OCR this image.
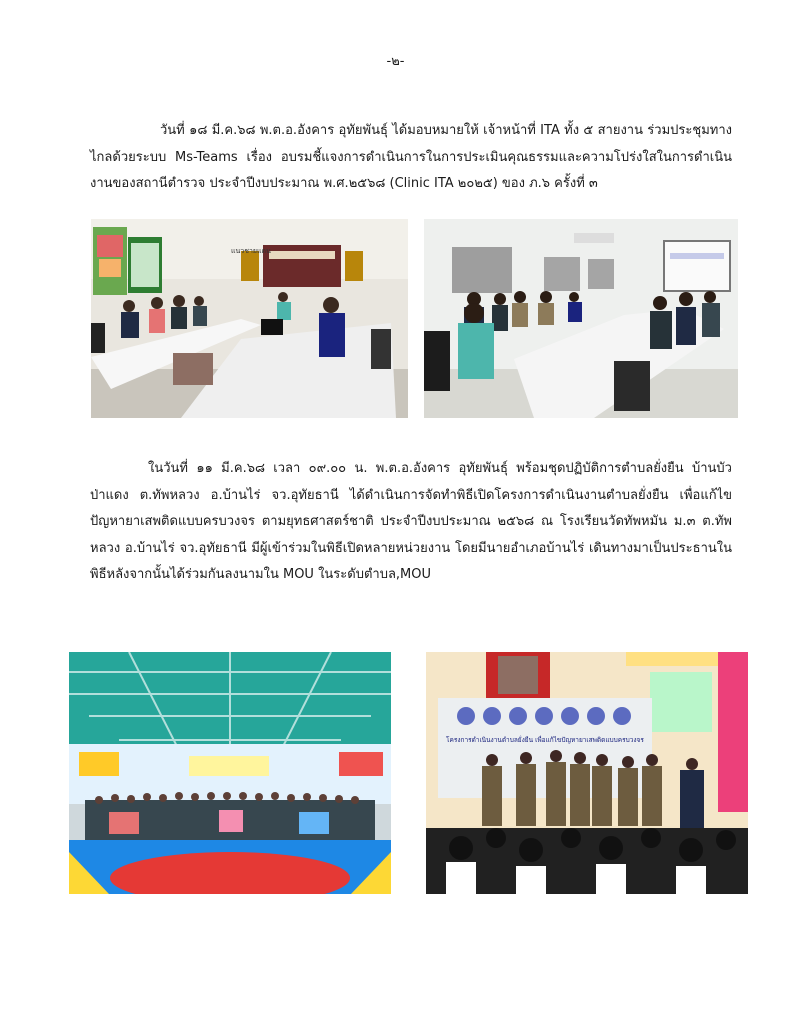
-๒-

วันที่ ๑๘ มี.ค.๖๘ พ.ต.อ.อังคาร อุทัยพันธุ์ ได้มอบหมายให้ เจ้าหน้าที่ ITA ทั้ง ๕ สายงาน ร่วมประชุมทางไกลด้วยระบบ Ms-Teams เรื่อง อบรมชี้แจงการดำเนินการในการประเมินคุณธรรมและความโปร่งใสในการดำเนินงานของสถานีตำรวจ ประจำปีงบประมาณ พ.ศ.๒๕๖๘ (Clinic ITA ๒๐๒๕) ของ ภ.๖ ครั้งที่ ๓

แนวชายแดน

ในวันที่ ๑๑ มี.ค.๖๘ เวลา ๐๙.๐๐ น. พ.ต.อ.อังคาร อุทัยพันธุ์ พร้อมชุดปฏิบัติการตำบลยั่งยืน บ้านบัว ป่าแดง ต.ทัพหลวง อ.บ้านไร่ จว.อุทัยธานี ได้ดำเนินการจัดทำพิธีเปิดโครงการดำเนินงานตำบลยั่งยืน เพื่อแก้ไขปัญหายาเสพติดแบบครบวงจร ตามยุทธศาสตร์ชาติ ประจำปีงบประมาณ ๒๕๖๘ ณ โรงเรียนวัดทัพหมัน ม.๓ ต.ทัพหลวง อ.บ้านไร่ จว.อุทัยธานี มีผู้เข้าร่วมในพิธีเปิดหลายหน่วยงาน โดยมีนายอำเภอบ้านไร่ เดินทางมาเป็นประธานในพิธีหลังจากนั้นได้ร่วมกันลงนามใน MOU ในระดับตำบล,MOU

โครงการดำเนินงานตำบลยั่งยืน เพื่อแก้ไขปัญหายาเสพติดแบบครบวงจร
